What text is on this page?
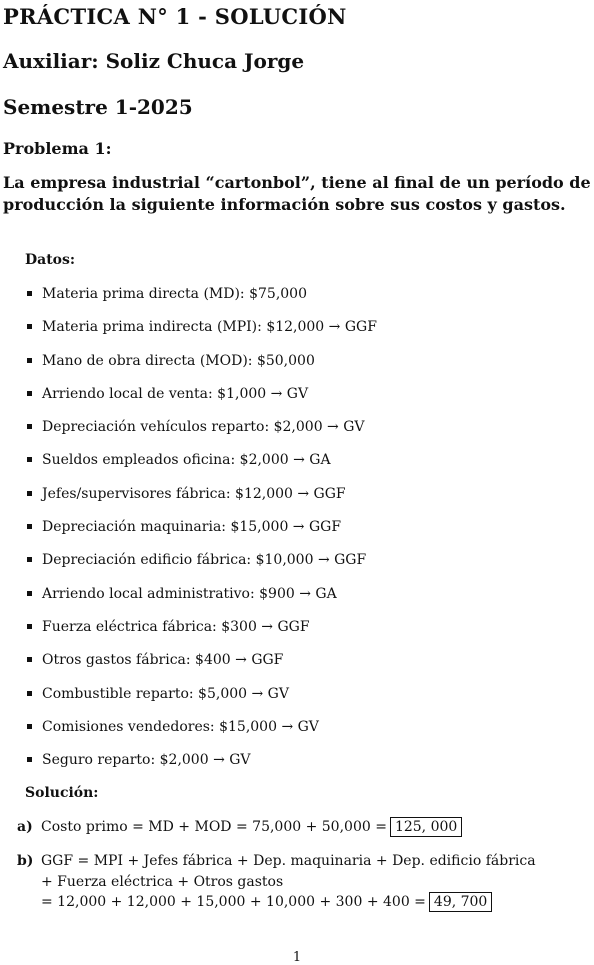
PRÁCTICA N° 1 - SOLUCIÓN
Auxiliar: Soliz Chuca Jorge
Semestre 1-2025
Problema 1:
La empresa industrial “cartonbol”, tiene al final de un período de producción la siguiente información sobre sus costos y gastos.
Datos:
Materia prima directa (MD): $75,000
Materia prima indirecta (MPI): $12,000 → GGF
Mano de obra directa (MOD): $50,000
Arriendo local de venta: $1,000 → GV
Depreciación vehículos reparto: $2,000 → GV
Sueldos empleados oficina: $2,000 → GA
Jefes/supervisores fábrica: $12,000 → GGF
Depreciación maquinaria: $15,000 → GGF
Depreciación edificio fábrica: $10,000 → GGF
Arriendo local administrativo: $900 → GA
Fuerza eléctrica fábrica: $300 → GGF
Otros gastos fábrica: $400 → GGF
Combustible reparto: $5,000 → GV
Comisiones vendedores: $15,000 → GV
Seguro reparto: $2,000 → GV
Solución:
a) Costo primo = MD + MOD = 75,000 + 50,000 = 125, 000
b) GGF = MPI + Jefes fábrica + Dep. maquinaria + Dep. edificio fábrica
+ Fuerza eléctrica + Otros gastos
= 12,000 + 12,000 + 15,000 + 10,000 + 300 + 400 = 49, 700
1
